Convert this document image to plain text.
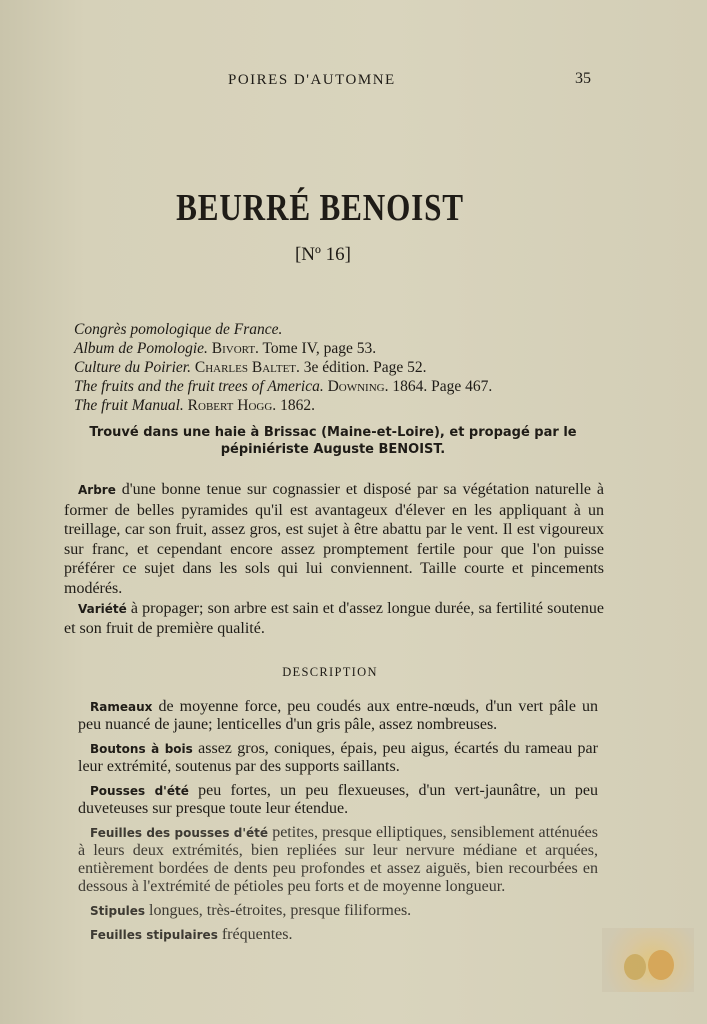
POIRES D'AUTOMNE	35
BEURRÉ BENOIST
[Nº 16]
Congrès pomologique de France.
Album de Pomologie. Bivort. Tome IV, page 53.
Culture du Poirier. Charles Baltet. 3e édition. Page 52.
The fruits and the fruit trees of America. Downing. 1864. Page 467.
The fruit Manual. Robert Hogg. 1862.
Trouvé dans une haie à Brissac (Maine-et-Loire), et propagé par le pépiniériste Auguste BENOIST.

Arbre d'une bonne tenue sur cognassier et disposé par sa végétation naturelle à former de belles pyramides qu'il est avantageux d'élever en les appliquant à un treillage, car son fruit, assez gros, est sujet à être abattu par le vent. Il est vigoureux sur franc, et cependant encore assez promptement fertile pour que l'on puisse préférer ce sujet dans les sols qui lui conviennent. Taille courte et pincements modérés.

Variété à propager; son arbre est sain et d'assez longue durée, sa fertilité soutenue et son fruit de première qualité.

DESCRIPTION

Rameaux de moyenne force, peu coudés aux entre-nœuds, d'un vert pâle un peu nuancé de jaune; lenticelles d'un gris pâle, assez nombreuses.

Boutons à bois assez gros, coniques, épais, peu aigus, écartés du rameau par leur extrémité, soutenus par des supports saillants.

Pousses d'été peu fortes, un peu flexueuses, d'un vert-jaunâtre, un peu duveteuses sur presque toute leur étendue.

Feuilles des pousses d'été petites, presque elliptiques, sensiblement atténuées à leurs deux extrémités, bien repliées sur leur nervure médiane et arquées, entièrement bordées de dents peu profondes et assez aiguës, bien recourbées en dessous à l'extrémité de pétioles peu forts et de moyenne longueur.

Stipules longues, très-étroites, presque filiformes.

Feuilles stipulaires fréquentes.
